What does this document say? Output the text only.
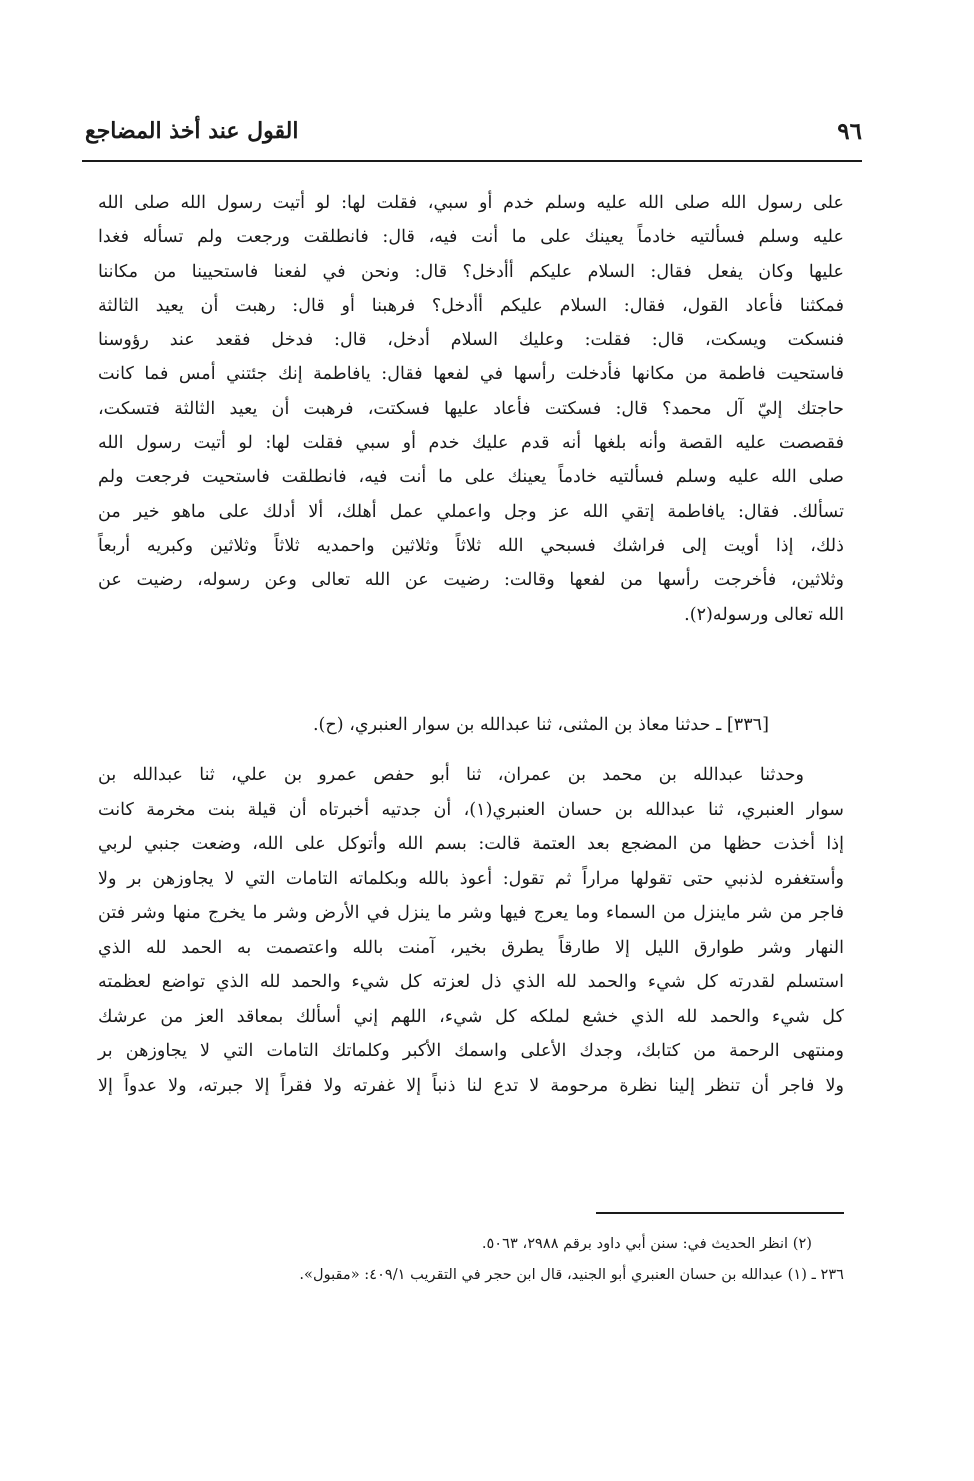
٩٦
القول عند أخذ المضاجع
على رسول الله صلى الله عليه وسلم خدم أو سبي، فقلت لها: لو أتيت رسول الله صلى الله
عليه وسلم فسألتيه خادماً يعينك على ما أنت فيه، قال: فانطلقت ورجعت ولم تسأله فغدا
عليها وكان يفعل فقال: السلام عليكم أأدخل؟ قال: ونحن في لفعنا فاستحيينا من مكاننا
فمكثنا فأعاد القول، فقال: السلام عليكم أأدخل؟ فرهبنا أو قال: رهبت أن يعيد الثالثة
فنسكت ويسكت، قال: فقلت: وعليك السلام أدخل، قال: فدخل فقعد عند رؤوسنا
فاستحيت فاطمة من مكانها فأدخلت رأسها في لفعها فقال: يافاطمة إنك جئتني أمس فما كانت
حاجتك إليّ آل محمد؟ قال: فسكتت فأعاد عليها فسكتت، فرهبت أن يعيد الثالثة فتسكت،
فقصصت عليه القصة وأنه بلغها أنه قدم عليك خدم أو سبي فقلت لها: لو أتيت رسول الله
صلى الله عليه وسلم فسألتيه خادماً يعينك على ما أنت فيه، فانطلقت فاستحيت فرجعت ولم
تسألك. فقال: يافاطمة إتقي الله عز وجل واعملي عمل أهلك، ألا أدلك على ماهو خير من
ذلك، إذا أويت إلى فراشك فسبحي الله ثلاثاً وثلاثين واحمديه ثلاثاً وثلاثين وكبريه أربعاً
وثلاثين، فأخرجت رأسها من لفعها وقالت: رضيت عن الله تعالى وعن رسوله، رضيت عن
الله تعالى ورسوله(٢).
[٣٣٦] ـ حدثنا معاذ بن المثنى، ثنا عبدالله بن سوار العنبري، (ح).
وحدثنا عبدالله بن محمد بن عمران، ثنا أبو حفص عمرو بن علي، ثنا عبدالله بن
سوار العنبري، ثنا عبدالله بن حسان العنبري(١)، أن جدتيه أخبرتاه أن قيلة بنت مخرمة كانت
إذا أخذت حظها من المضجع بعد العتمة قالت: بسم الله وأتوكل على الله، وضعت جنبي لربي
وأستغفره لذنبي حتى تقولها مراراً ثم تقول: أعوذ بالله وبكلماته التامات التي لا يجاوزهن بر ولا
فاجر من شر ماينزل من السماء وما يعرج فيها وشر ما ينزل في الأرض وشر ما يخرج منها وشر فتن
النهار وشر طوارق الليل إلا طارقاً يطرق بخير، آمنت بالله واعتصمت به الحمد لله الذي
استسلم لقدرته كل شيء والحمد لله الذي ذل لعزته كل شيء والحمد لله الذي تواضع لعظمته
كل شيء والحمد لله الذي خشع لملكه كل شيء، اللهم إني أسألك بمعاقد العز من عرشك
ومنتهى الرحمة من كتابك، وجدك الأعلى واسمك الأكبر وكلماتك التامات التي لا يجاوزهن بر
ولا فاجر أن تنظر إلينا نظرة مرحومة لا تدع لنا ذنباً إلا غفرته ولا فقراً إلا جبرته، ولا عدواً إلا
(٢) انظر الحديث في: سنن أبي داود برقم ٢٩٨٨، ٥٠٦٣.
٢٣٦ ـ (١) عبدالله بن حسان العنبري أبو الجنيد، قال ابن حجر في التقريب ٤٠٩/١: «مقبول».
